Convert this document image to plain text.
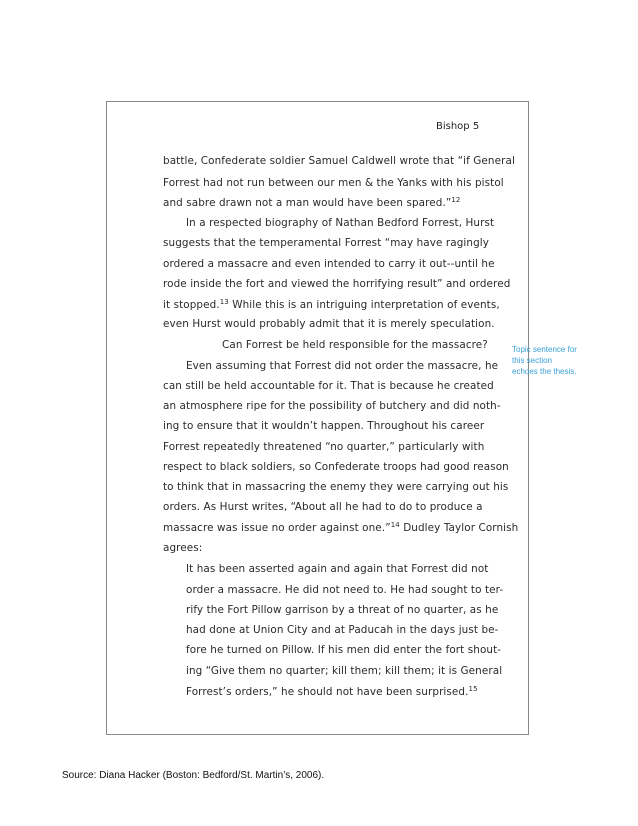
Bishop 5
battle, Confederate soldier Samuel Caldwell wrote that “if General
Forrest had not run between our men & the Yanks with his pistol
and sabre drawn not a man would have been spared.”$^{12}$
In a respected biography of Nathan Bedford Forrest, Hurst
suggests that the temperamental Forrest “may have ragingly
ordered a massacre and even intended to carry it out--until he
rode inside the fort and viewed the horrifying result” and ordered
it stopped.$^{13}$ While this is an intriguing interpretation of events,
even Hurst would probably admit that it is merely speculation.
Can Forrest be held responsible for the massacre?
Even assuming that Forrest did not order the massacre, he
can still be held accountable for it. That is because he created
an atmosphere ripe for the possibility of butchery and did noth-
ing to ensure that it wouldn’t happen. Throughout his career
Forrest repeatedly threatened “no quarter,” particularly with
respect to black soldiers, so Confederate troops had good reason
to think that in massacring the enemy they were carrying out his
orders. As Hurst writes, “About all he had to do to produce a
massacre was issue no order against one.”$^{14}$ Dudley Taylor Cornish
agrees:
It has been asserted again and again that Forrest did not
order a massacre. He did not need to. He had sought to ter-
rify the Fort Pillow garrison by a threat of no quarter, as he
had done at Union City and at Paducah in the days just be-
fore he turned on Pillow. If his men did enter the fort shout-
ing “Give them no quarter; kill them; kill them; it is General
Forrest’s orders,” he should not have been surprised.$^{15}$
Topic sentence for
this section
echoes the thesis.
Source: Diana Hacker (Boston: Bedford/St. Martin’s, 2006).
